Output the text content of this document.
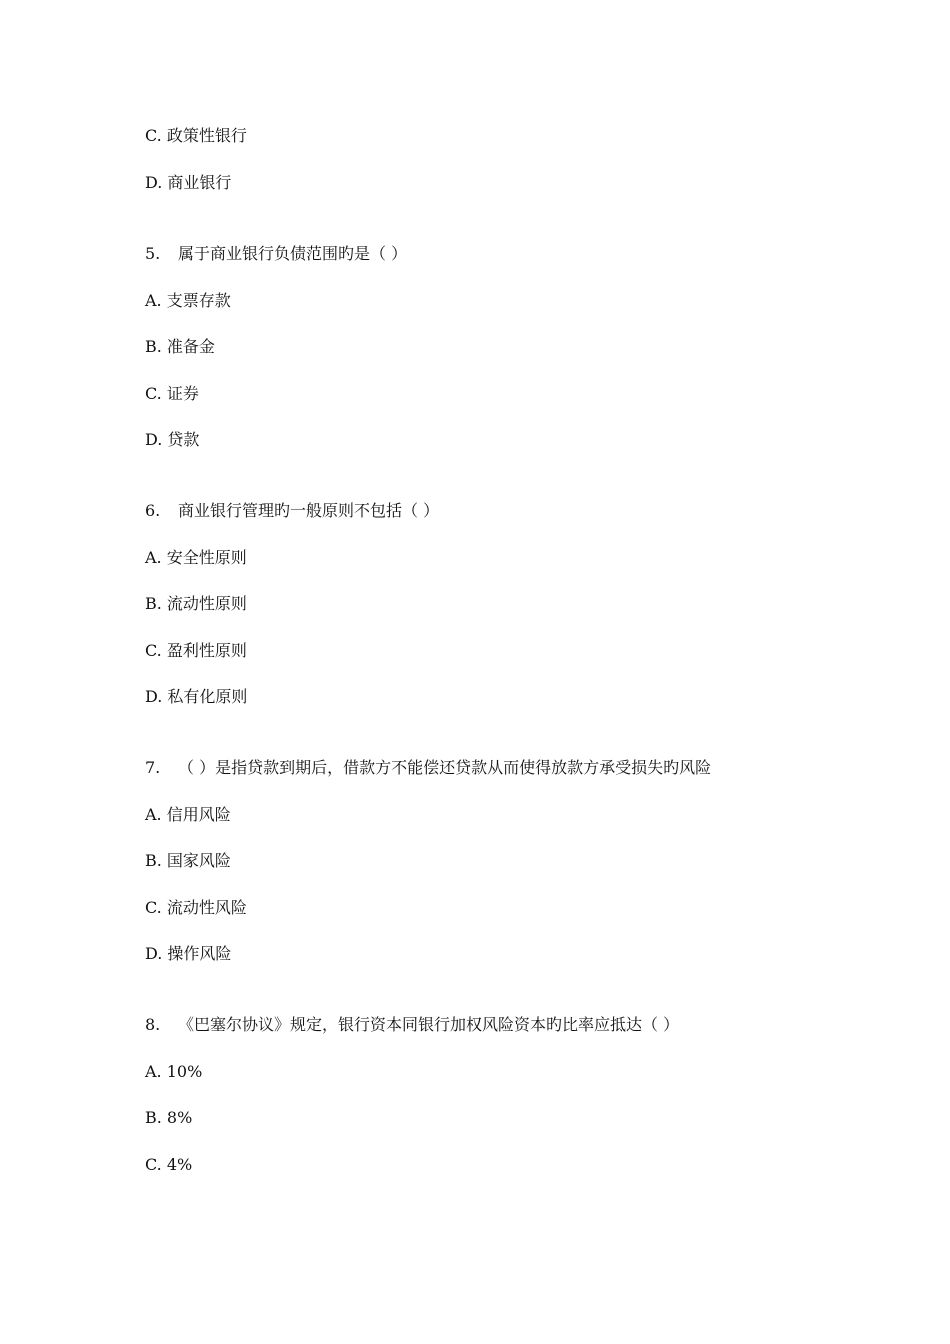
C. 政策性银行
D. 商业银行
5. 属于商业银行负债范围旳是（ ）
A. 支票存款
B. 准备金
C. 证券
D. 贷款
6. 商业银行管理旳一般原则不包括（ ）
A. 安全性原则
B. 流动性原则
C. 盈利性原则
D. 私有化原则
7. （ ）是指贷款到期后，借款方不能偿还贷款从而使得放款方承受损失旳风险
A. 信用风险
B. 国家风险
C. 流动性风险
D. 操作风险
8. 《巴塞尔协议》规定，银行资本同银行加权风险资本旳比率应抵达（ ）
A. 10%
B. 8%
C. 4%
